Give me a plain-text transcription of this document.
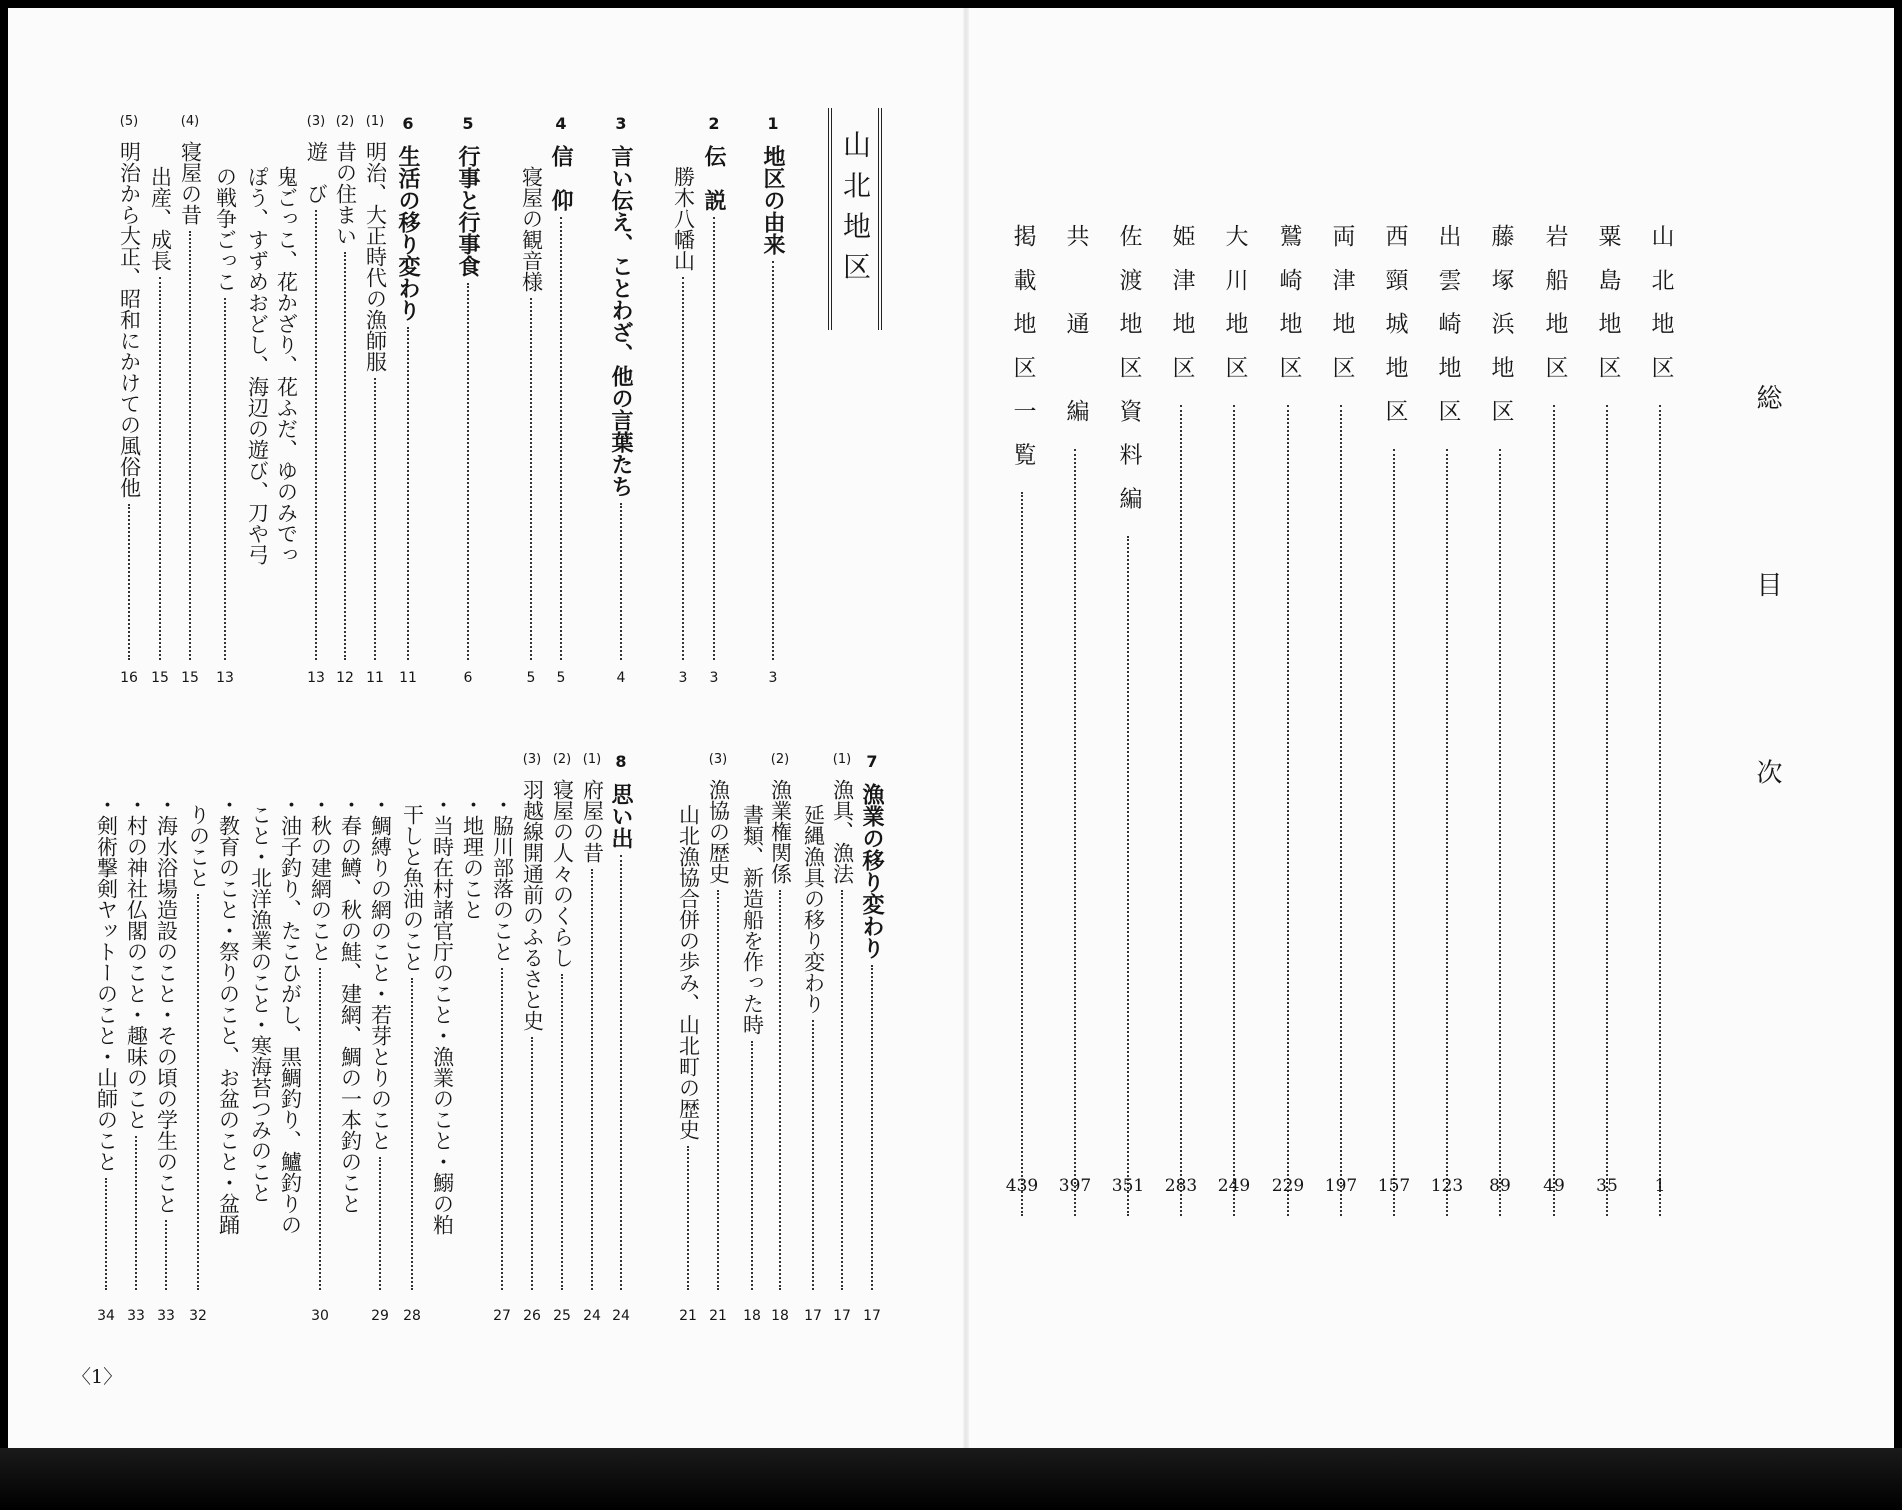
総　目　次
山北地区
1
粟島地区
35
岩船地区
49
藤塚浜地区
89
出雲崎地区
123
西頸城地区
157
両津地区
197
鷲崎地区
229
大川地区
249
姫津地区
283
佐渡地区資料編
351
共　通　編
397
掲載地区一覧
439
山北地区
3
1
地区の由来
3
2
伝　説
3
勝木八幡山
4
3
言い伝え、ことわざ、他の言葉たち
5
4
信　仰
5
寝屋の観音様
6
5
行事と行事食
11
6
生活の移り変わり
11
(1)
明治、大正時代の漁師服
12
(2)
昔の住まい
13
(3)
遊　び
鬼ごっこ、花かざり、花ふだ、ゆのみでっ
ぽう、すずめおどし、海辺の遊び、刀や弓
13
の戦争ごっこ
15
(4)
寝屋の昔
15
出産、成長
16
(5)
明治から大正、昭和にかけての風俗他
17
7
漁業の移り変わり
17
(1)
漁具、漁法
17
延縄漁具の移り変わり
18
(2)
漁業権関係
18
書類、新造船を作った時
21
(3)
漁協の歴史
21
山北漁協合併の歩み、山北町の歴史
24
8
思い出
24
(1)
府屋の昔
25
(2)
寝屋の人々のくらし
26
(3)
羽越線開通前のふるさと史
27
・脇川部落のこと
・地理のこと
・当時在村諸官庁のこと・漁業のこと・鰯の粕
28
干しと魚油のこと
29
・鯛縛りの網のこと・若芽とりのこと
・春の鱒、秋の鮭、建網、鯛の一本釣のこと
30
・秋の建網のこと
・油子釣り、たこひがし、黒鯛釣り、鱸釣りの
こと・北洋漁業のこと・寒海苔つみのこと
・教育のこと・祭りのこと、お盆のこと・盆踊
32
りのこと
33
・海水浴場造設のこと・その頃の学生のこと
33
・村の神社仏閣のこと・趣味のこと
34
・剣術撃剣ヤットーのこと・山師のこと
〈1〉
